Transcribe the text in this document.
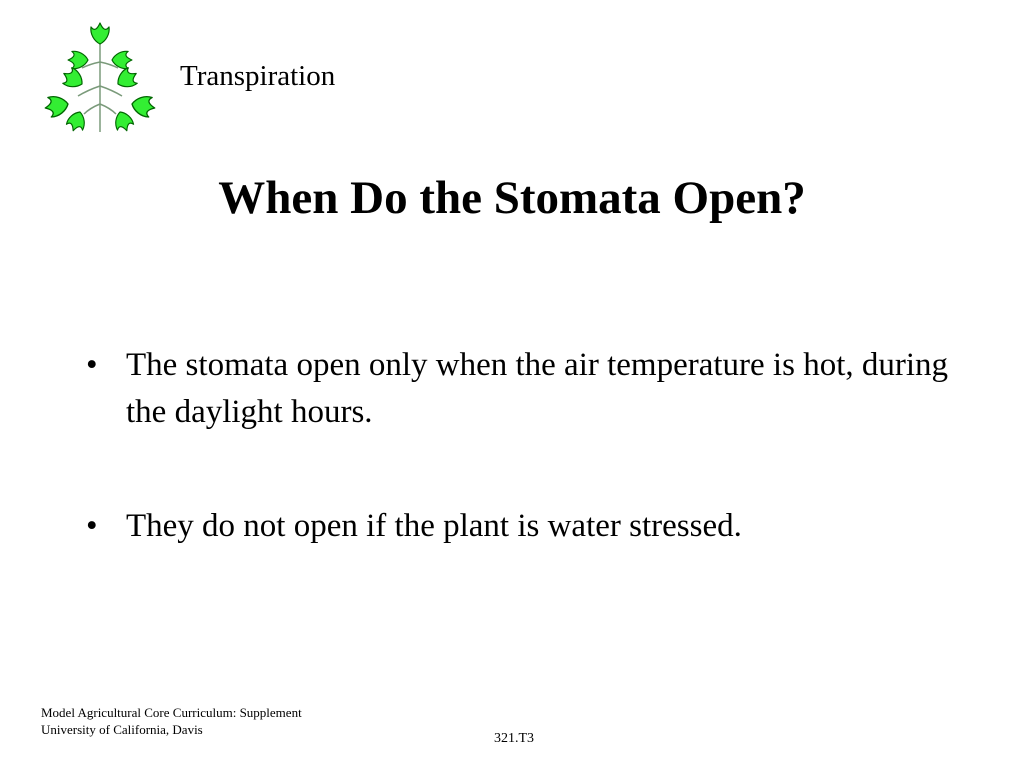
Transpiration
When Do the Stomata Open?
• The stomata open only when the air temperature is hot, during the daylight hours.
• They do not open if the plant is water stressed.
Model Agricultural Core Curriculum: Supplement
University of California, Davis
321.T3
